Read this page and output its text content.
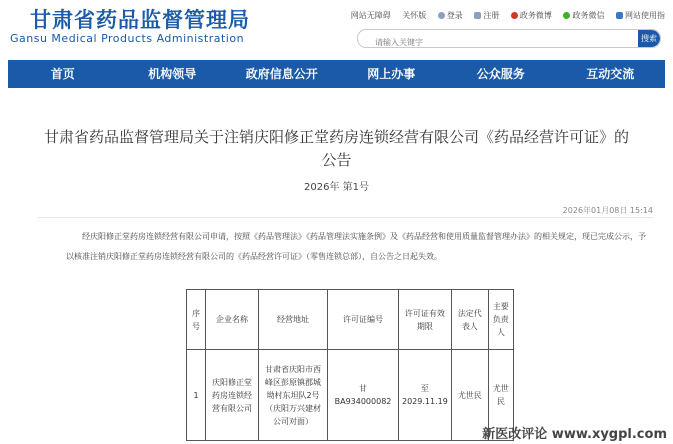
甘肃省药品监督管理局
Gansu Medical Products Administration
网站无障碍 关怀版	登录	注册	政务微博	政务微信	网站使用指
请输入关键字
搜索
首页	机构领导	政府信息公开	网上办事	公众服务	互动交流
甘肃省药品监督管理局关于注销庆阳修正堂药房连锁经营有限公司《药品经营许可证》的
公告
2026年 第1号
2026年01月08日 15:14
经庆阳修正堂药房连锁经营有限公司申请，按照《药品管理法》《药品管理法实施条例》及《药品经营和使用质量监督管理办法》的相关规定，现已完成公示，予以核准注销庆阳修正堂药房连锁经营有限公司的《药品经营许可证》（零售连锁总部），自公告之日起失效。
序号	企业名称	经营地址	许可证编号	许可证有效期限	法定代表人	主要负责人
1	庆阳修正堂药房连锁经营有限公司	甘肃省庆阳市西峰区彭原镇郡城坳村东坦队2号（庆阳万兴建材公司对面）	甘BA934000082	至2029.11.19	尤世民	尤世民
新医改评论 www.xygpl.com
